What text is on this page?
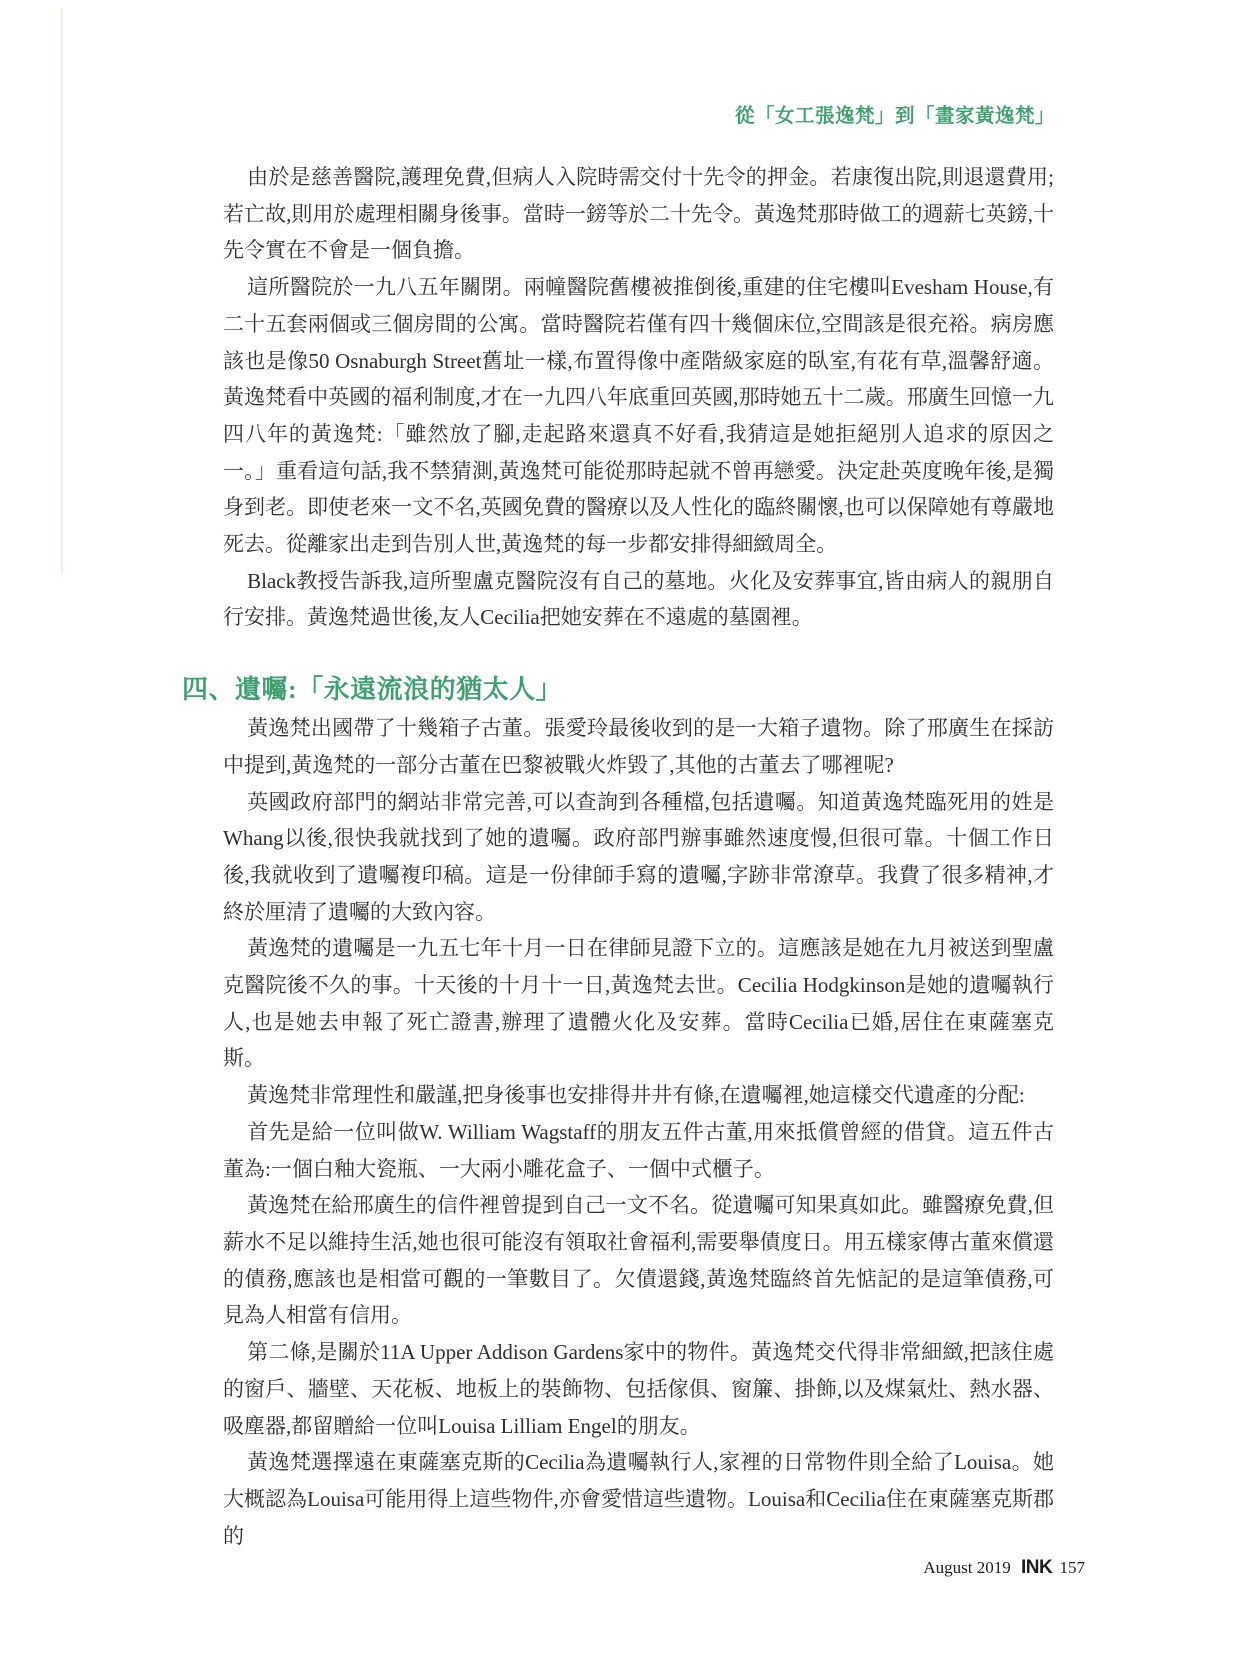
從「女工張逸梵」到「畫家黃逸梵」

由於是慈善醫院,護理免費,但病人入院時需交付十先令的押金。若康復出院,則退還費用;若亡故,則用於處理相關身後事。當時一鎊等於二十先令。黃逸梵那時做工的週薪七英鎊,十先令實在不會是一個負擔。

這所醫院於一九八五年關閉。兩幢醫院舊樓被推倒後,重建的住宅樓叫Evesham House,有二十五套兩個或三個房間的公寓。當時醫院若僅有四十幾個床位,空間該是很充裕。病房應該也是像50 Osnaburgh Street舊址一樣,布置得像中產階級家庭的臥室,有花有草,溫馨舒適。黃逸梵看中英國的福利制度,才在一九四八年底重回英國,那時她五十二歲。邢廣生回憶一九四八年的黃逸梵:「雖然放了腳,走起路來還真不好看,我猜這是她拒絕別人追求的原因之一。」重看這句話,我不禁猜測,黃逸梵可能從那時起就不曾再戀愛。決定赴英度晚年後,是獨身到老。即使老來一文不名,英國免費的醫療以及人性化的臨終關懷,也可以保障她有尊嚴地死去。從離家出走到告別人世,黃逸梵的每一步都安排得細緻周全。

Black教授告訴我,這所聖盧克醫院沒有自己的墓地。火化及安葬事宜,皆由病人的親朋自行安排。黃逸梵過世後,友人Cecilia把她安葬在不遠處的墓園裡。

四、遺囑:「永遠流浪的猶太人」

黃逸梵出國帶了十幾箱子古董。張愛玲最後收到的是一大箱子遺物。除了邢廣生在採訪中提到,黃逸梵的一部分古董在巴黎被戰火炸毀了,其他的古董去了哪裡呢?

英國政府部門的網站非常完善,可以查詢到各種檔,包括遺囑。知道黃逸梵臨死用的姓是Whang以後,很快我就找到了她的遺囑。政府部門辦事雖然速度慢,但很可靠。十個工作日後,我就收到了遺囑複印稿。這是一份律師手寫的遺囑,字跡非常潦草。我費了很多精神,才終於厘清了遺囑的大致內容。

黃逸梵的遺囑是一九五七年十月一日在律師見證下立的。這應該是她在九月被送到聖盧克醫院後不久的事。十天後的十月十一日,黃逸梵去世。Cecilia Hodgkinson是她的遺囑執行人,也是她去申報了死亡證書,辦理了遺體火化及安葬。當時Cecilia已婚,居住在東薩塞克斯。

黃逸梵非常理性和嚴謹,把身後事也安排得井井有條,在遺囑裡,她這樣交代遺產的分配:

首先是給一位叫做W. William Wagstaff的朋友五件古董,用來抵償曾經的借貸。這五件古董為:一個白釉大瓷瓶、一大兩小雕花盒子、一個中式櫃子。

黃逸梵在給邢廣生的信件裡曾提到自己一文不名。從遺囑可知果真如此。雖醫療免費,但薪水不足以維持生活,她也很可能沒有領取社會福利,需要舉債度日。用五樣家傳古董來償還的債務,應該也是相當可觀的一筆數目了。欠債還錢,黃逸梵臨終首先惦記的是這筆債務,可見為人相當有信用。

第二條,是關於11A Upper Addison Gardens家中的物件。黃逸梵交代得非常細緻,把該住處的窗戶、牆壁、天花板、地板上的裝飾物、包括傢俱、窗簾、掛飾,以及煤氣灶、熱水器、吸塵器,都留贈給一位叫Louisa Lilliam Engel的朋友。

黃逸梵選擇遠在東薩塞克斯的Cecilia為遺囑執行人,家裡的日常物件則全給了Louisa。她大概認為Louisa可能用得上這些物件,亦會愛惜這些遺物。Louisa和Cecilia住在東薩塞克斯郡的

August 2019 INK 157
